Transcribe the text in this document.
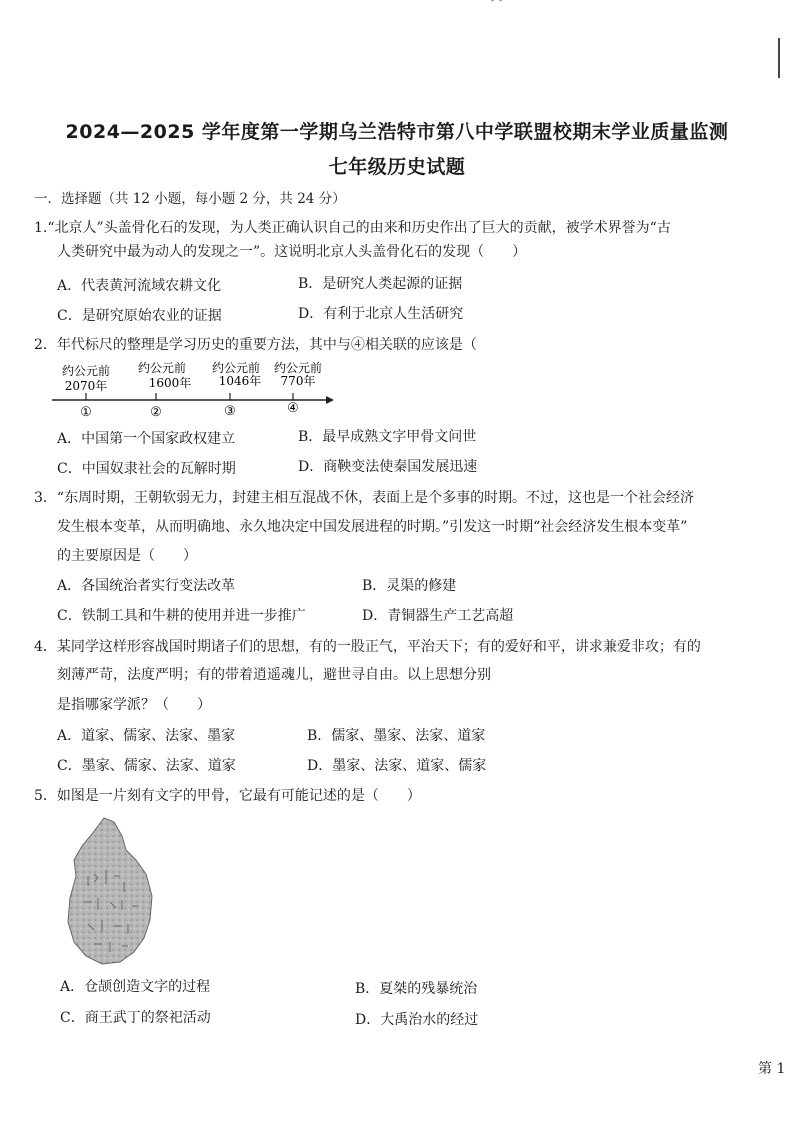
ˉ ˉ
2024—2025 学年度第一学期乌兰浩特市第八中学联盟校期末学业质量监测
七年级历史试题
一．选择题（共 12 小题，每小题 2 分，共 24 分）
1.“北京人”头盖骨化石的发现，为人类正确认识自己的由来和历史作出了巨大的贡献，被学术界誉为“古
人类研究中最为动人的发现之一”。这说明北京人头盖骨化石的发现（　　）
A．代表黄河流域农耕文化	B．是研究人类起源的证据
C．是研究原始农业的证据	D．有利于北京人生活研究
2．年代标尺的整理是学习历史的重要方法，其中与④相关联的应该是（
约公元前
2070年
①
约公元前
1600年
②
约公元前
1046年
③
约公元前
770年
④
A．中国第一个国家政权建立	B．最早成熟文字甲骨文问世
C．中国奴隶社会的瓦解时期	D．商鞅变法使秦国发展迅速
3．“东周时期，王朝软弱无力，封建主相互混战不休，表面上是个多事的时期。不过，这也是一个社会经济
发生根本变革，从而明确地、永久地决定中国发展进程的时期。”引发这一时期“社会经济发生根本变革”
的主要原因是（　　）
A．各国统治者实行变法改革	B．灵渠的修建
C．铁制工具和牛耕的使用并进一步推广	D．青铜器生产工艺高超
4．某同学这样形容战国时期诸子们的思想，有的一股正气，平治天下；有的爱好和平，讲求兼爱非攻；有的
刻薄严苛，法度严明；有的带着逍遥魂儿，避世寻自由。以上思想分别
是指哪家学派？（　　）
A．道家、儒家、法家、墨家	B．儒家、墨家、法家、道家
C．墨家、儒家、法家、道家	D．墨家、法家、道家、儒家
5．如图是一片刻有文字的甲骨，它最有可能记述的是（　　）
A．仓颉创造文字的过程	B．夏桀的残暴统治
C．商王武丁的祭祀活动	D．大禹治水的经过
第 1
